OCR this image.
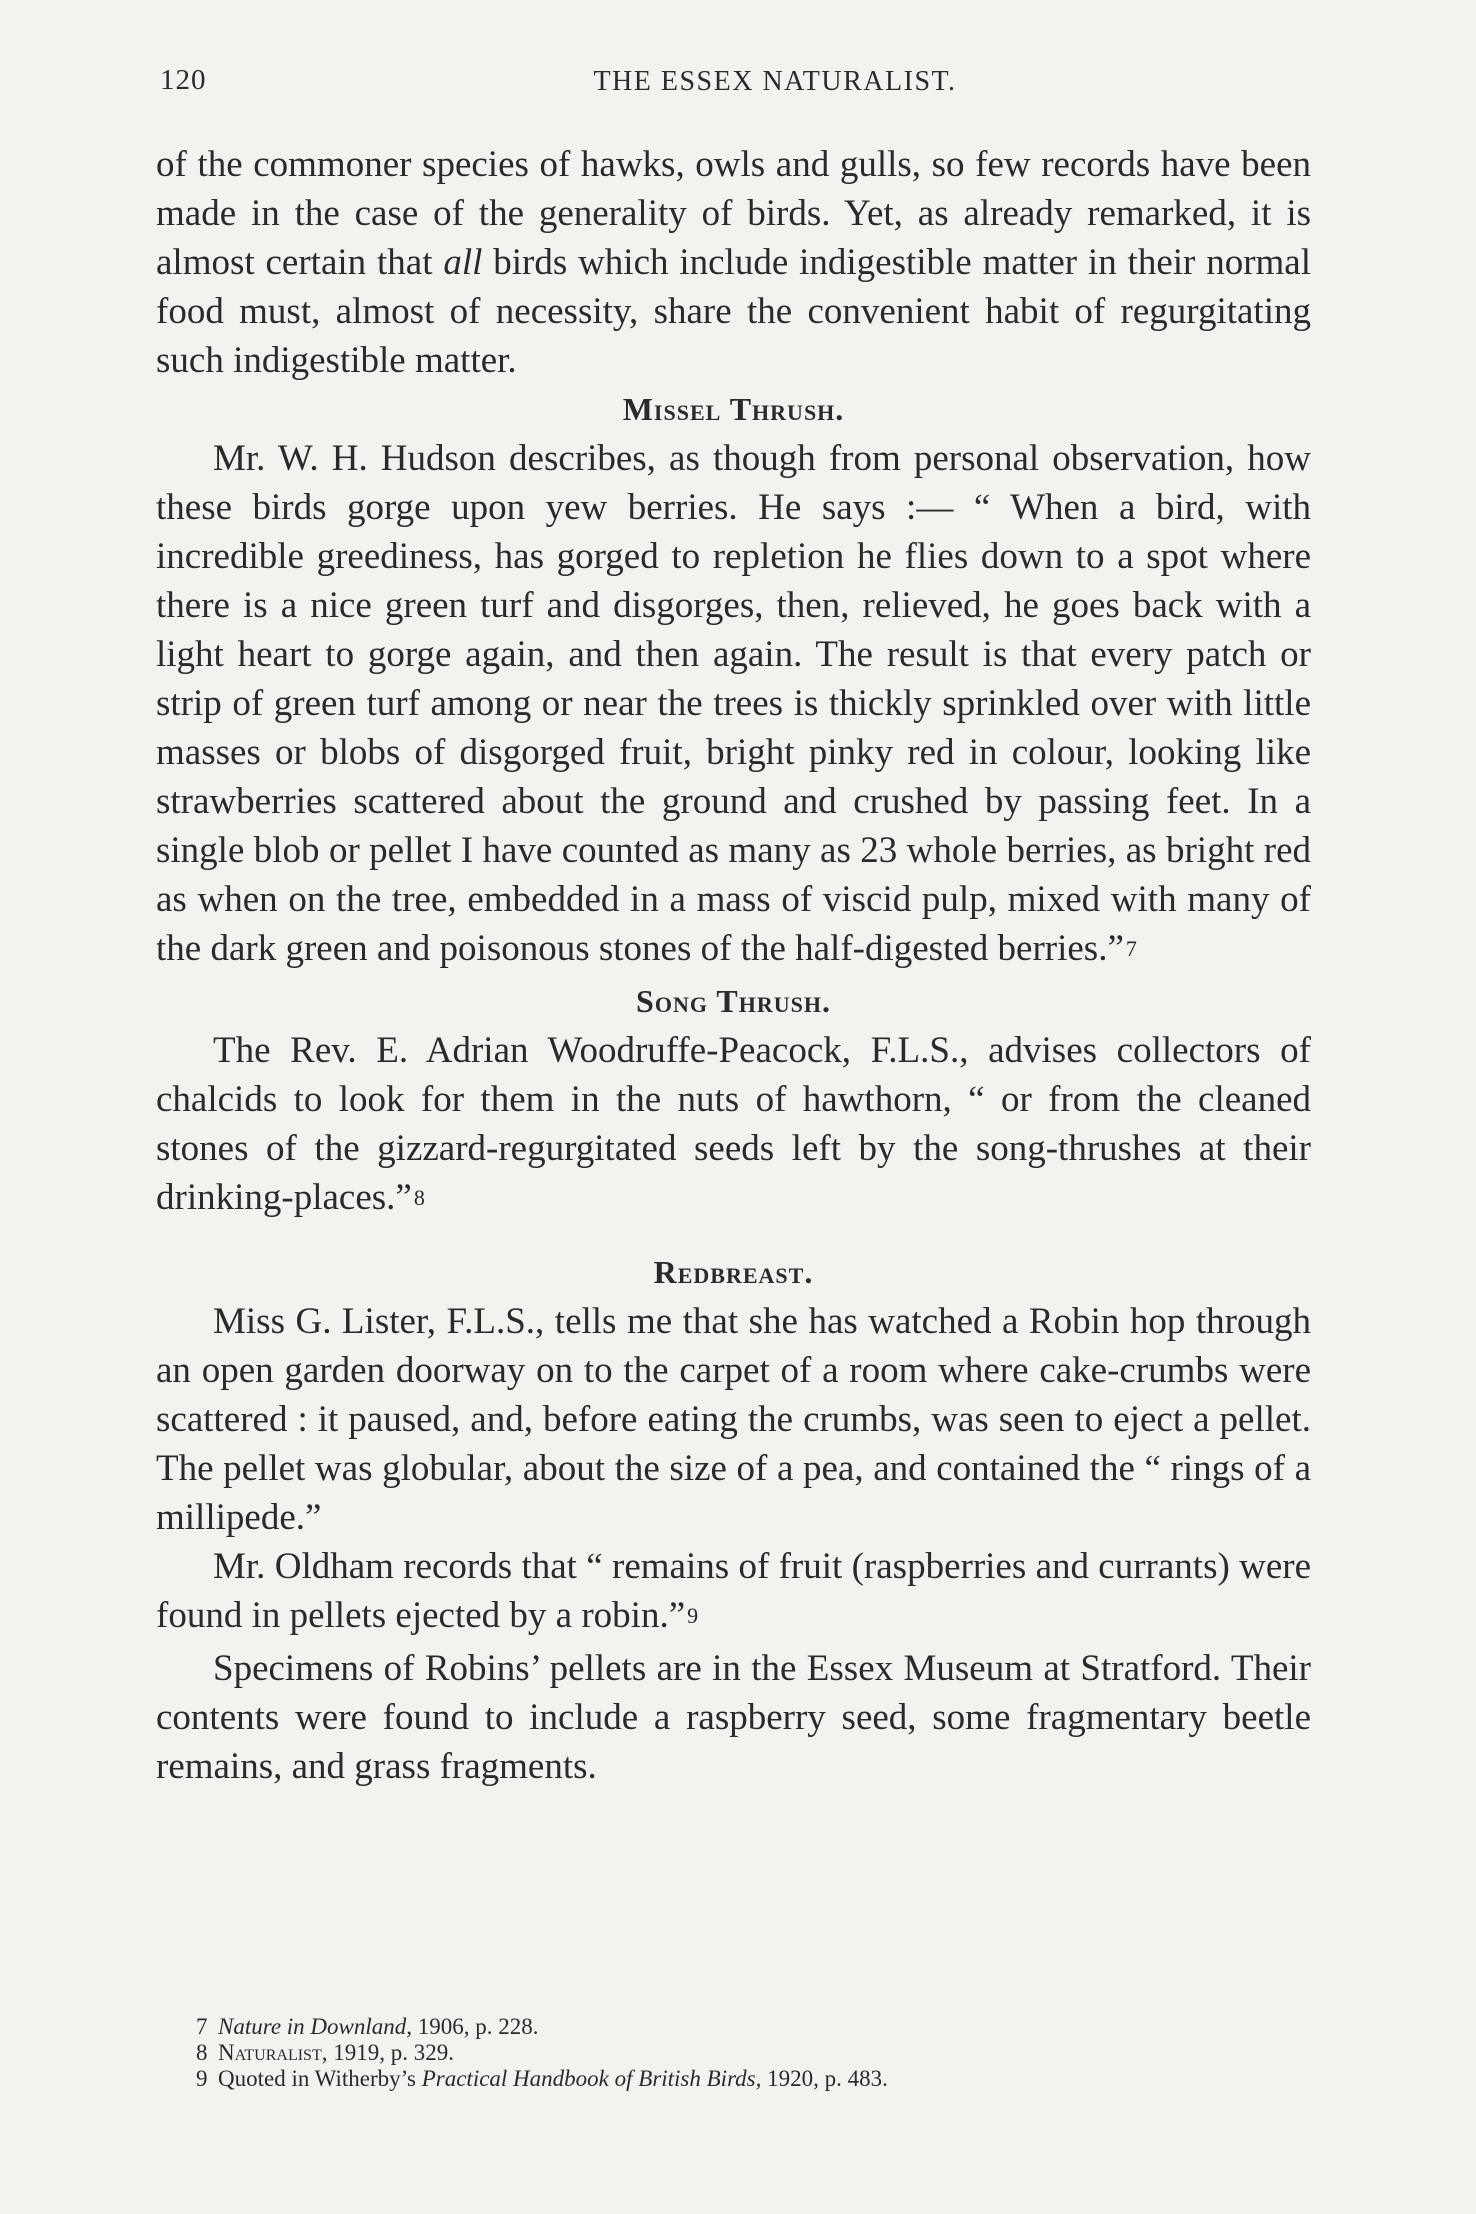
120	THE ESSEX NATURALIST.

of the commoner species of hawks, owls and gulls, so few records have been made in the case of the generality of birds. Yet, as already remarked, it is almost certain that all birds which include indigestible matter in their normal food must, almost of necessity, share the convenient habit of regurgitating such indigestible matter.

Missel Thrush.

Mr. W. H. Hudson describes, as though from personal observation, how these birds gorge upon yew berries. He says :— “ When a bird, with incredible greediness, has gorged to repletion he flies down to a spot where there is a nice green turf and disgorges, then, relieved, he goes back with a light heart to gorge again, and then again. The result is that every patch or strip of green turf among or near the trees is thickly sprinkled over with little masses or blobs of disgorged fruit, bright pinky red in colour, looking like strawberries scattered about the ground and crushed by passing feet. In a single blob or pellet I have counted as many as 23 whole berries, as bright red as when on the tree, embedded in a mass of viscid pulp, mixed with many of the dark green and poisonous stones of the half-digested berries.”$^7$

Song Thrush.

The Rev. E. Adrian Woodruffe-Peacock, F.L.S., advises collectors of chalcids to look for them in the nuts of hawthorn, “ or from the cleaned stones of the gizzard-regurgitated seeds left by the song-thrushes at their drinking-places.”$^8$

Redbreast.

Miss G. Lister, F.L.S., tells me that she has watched a Robin hop through an open garden doorway on to the carpet of a room where cake-crumbs were scattered : it paused, and, before eating the crumbs, was seen to eject a pellet. The pellet was globular, about the size of a pea, and contained the “ rings of a millipede.”

Mr. Oldham records that “ remains of fruit (raspberries and currants) were found in pellets ejected by a robin.”$^9$

Specimens of Robins’ pellets are in the Essex Museum at Stratford. Their contents were found to include a raspberry seed, some fragmentary beetle remains, and grass fragments.

7 Nature in Downland, 1906, p. 228.

8 Naturalist, 1919, p. 329.

9 Quoted in Witherby’s Practical Handbook of British Birds, 1920, p. 483.
